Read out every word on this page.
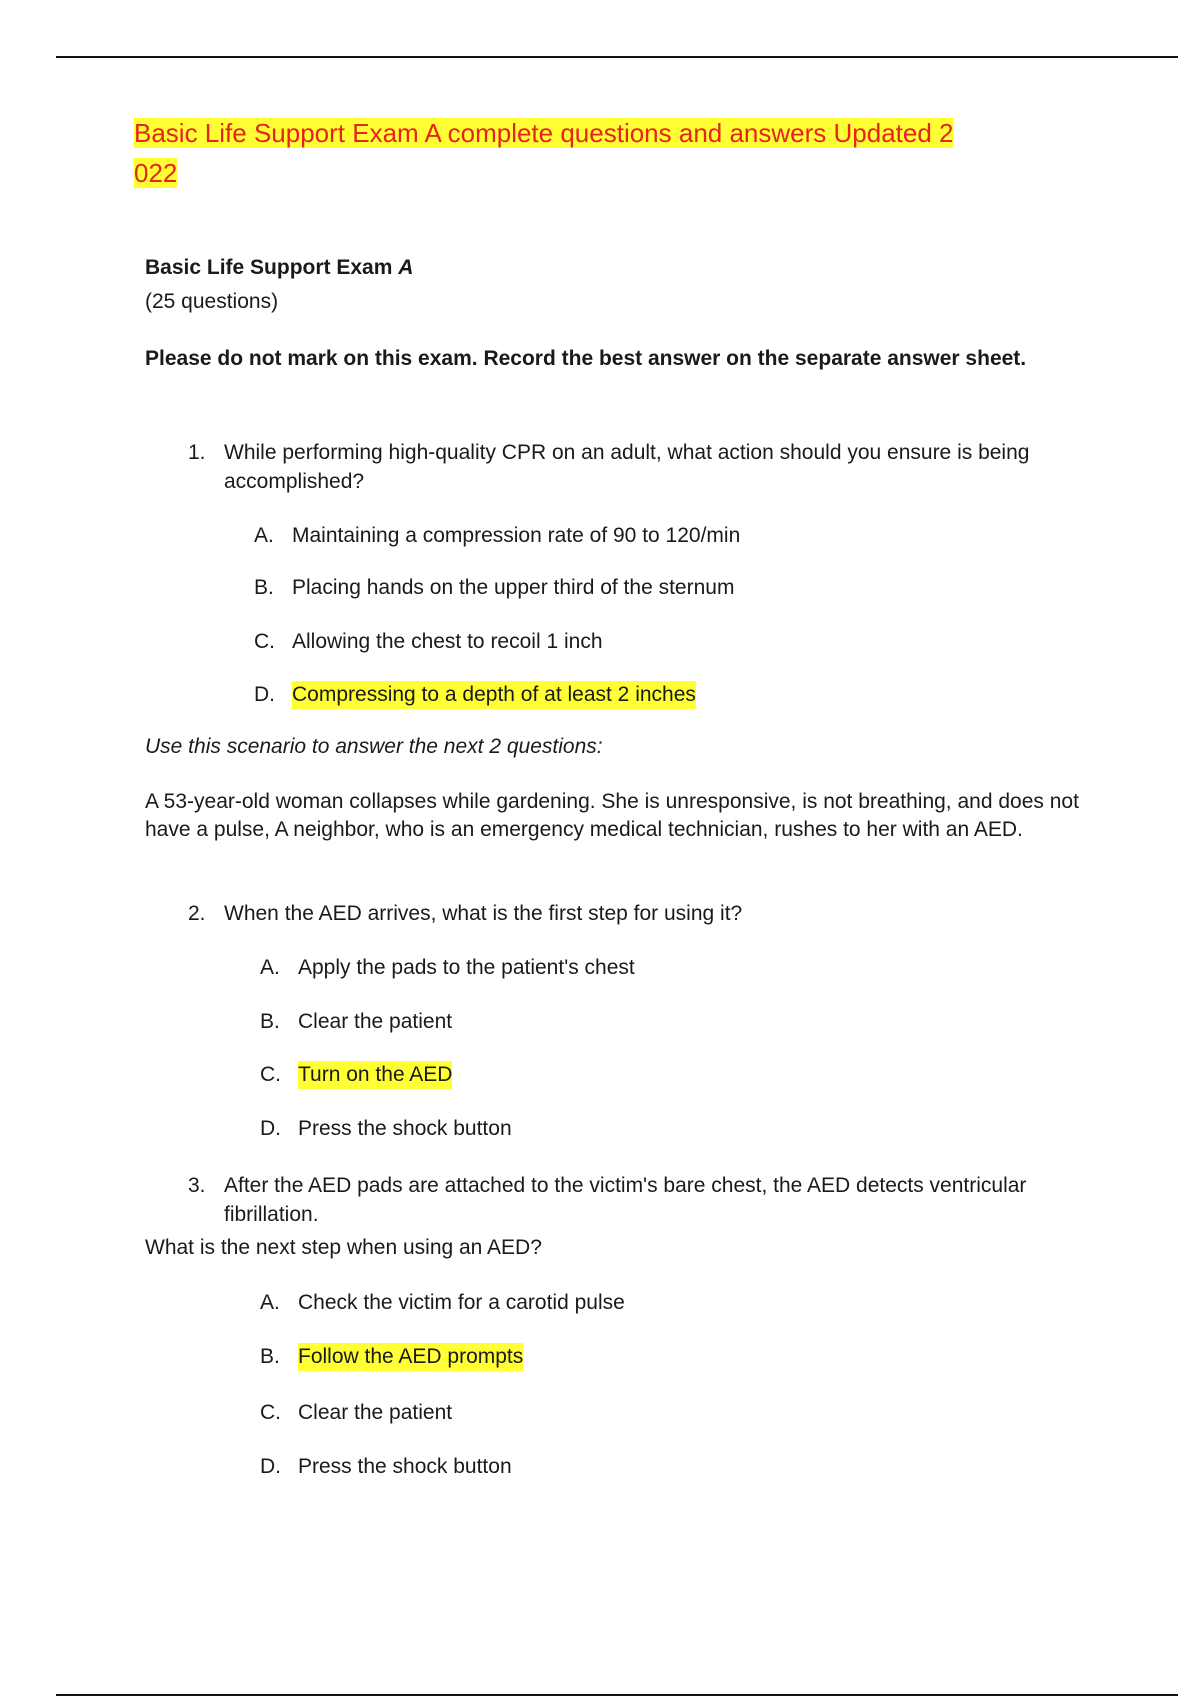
Basic Life Support Exam A complete questions and answers Updated 2
022
Basic Life Support Exam A
(25 questions)
Please do not mark on this exam. Record the best answer on the separate answer sheet.
1. While performing high-quality CPR on an adult, what action should you ensure is being accomplished?
A. Maintaining a compression rate of 90 to 120/min
B. Placing hands on the upper third of the sternum
C. Allowing the chest to recoil 1 inch
D. Compressing to a depth of at least 2 inches
Use this scenario to answer the next 2 questions:
A 53-year-old woman collapses while gardening. She is unresponsive, is not breathing, and does not have a pulse, A neighbor, who is an emergency medical technician, rushes to her with an AED.
2. When the AED arrives, what is the first step for using it?
A. Apply the pads to the patient's chest
B. Clear the patient
C. Turn on the AED
D. Press the shock button
3. After the AED pads are attached to the victim's bare chest, the AED detects ventricular fibrillation.
What is the next step when using an AED?
A. Check the victim for a carotid pulse
B. Follow the AED prompts
C. Clear the patient
D. Press the shock button
